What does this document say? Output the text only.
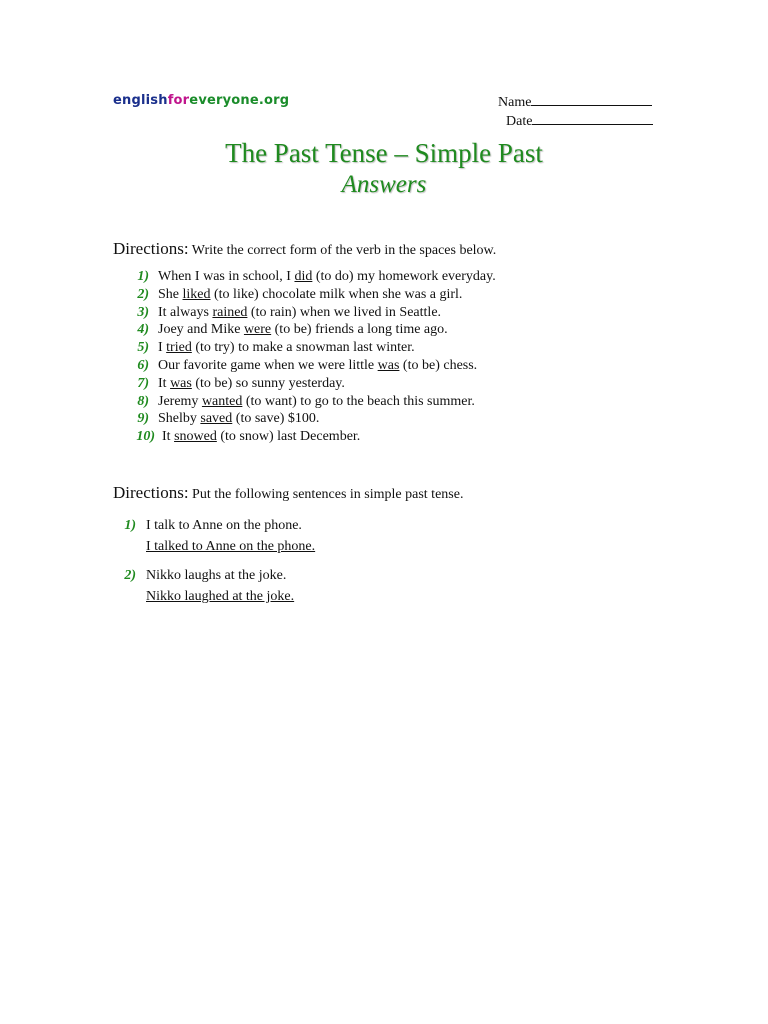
englishforeveryone.org	Name
Date
The Past Tense – Simple Past
Answers
Directions: Write the correct form of the verb in the spaces below.
1) When I was in school, I did (to do) my homework everyday.
2) She liked (to like) chocolate milk when she was a girl.
3) It always rained (to rain) when we lived in Seattle.
4) Joey and Mike were (to be) friends a long time ago.
5) I tried (to try) to make a snowman last winter.
6) Our favorite game when we were little was (to be) chess.
7) It was (to be) so sunny yesterday.
8) Jeremy wanted (to want) to go to the beach this summer.
9) Shelby saved (to save) $100.
10) It snowed (to snow) last December.
Directions: Put the following sentences in simple past tense.
1) I talk to Anne on the phone.
I talked to Anne on the phone.
2) Nikko laughs at the joke.
Nikko laughed at the joke.
